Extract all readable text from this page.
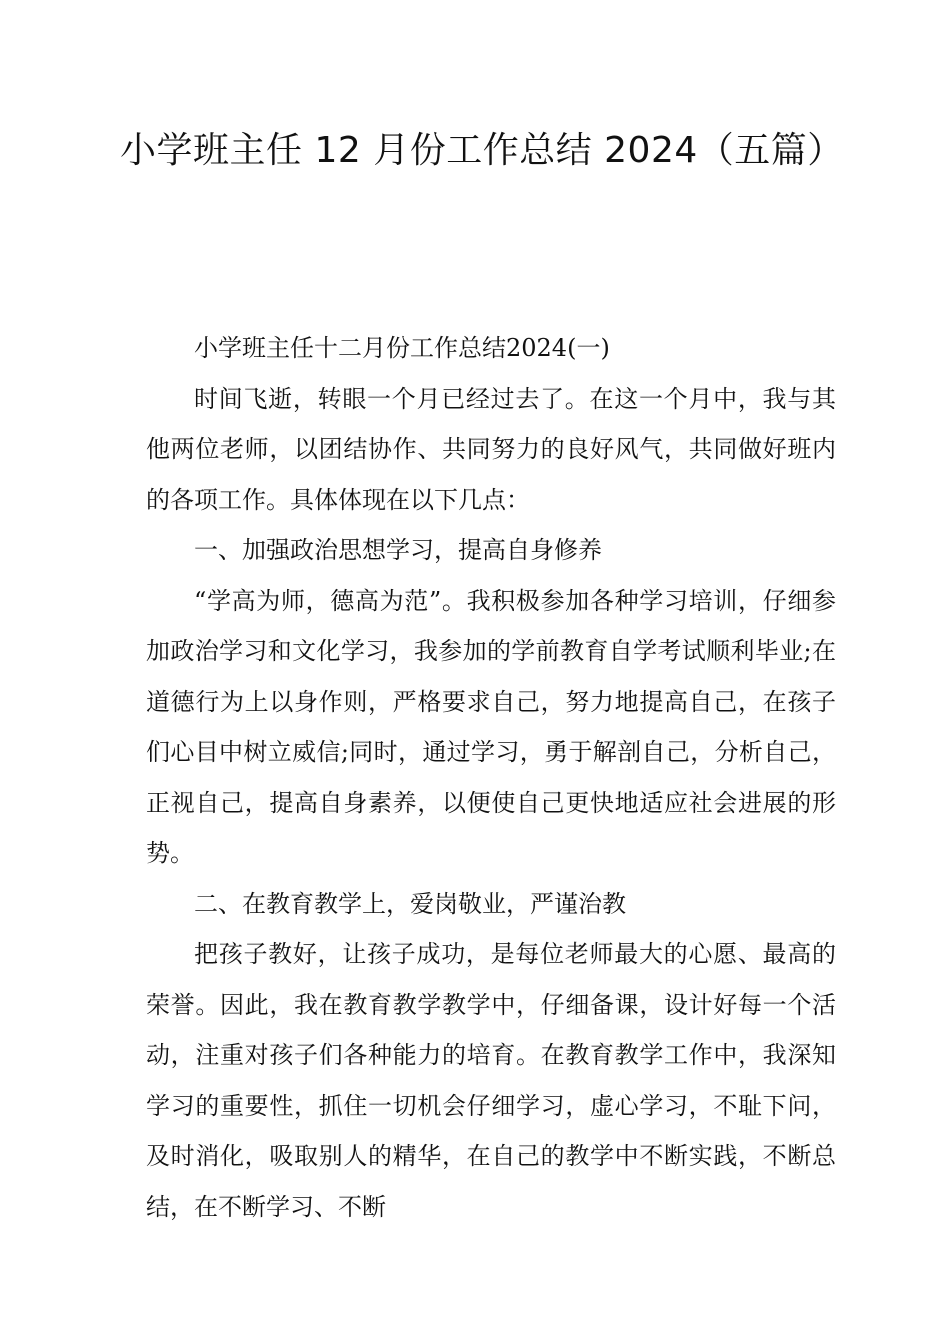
小学班主任 12 月份工作总结 2024（五篇）

小学班主任十二月份工作总结2024(一)

时间飞逝，转眼一个月已经过去了。在这一个月中，我与其他两位老师，以团结协作、共同努力的良好风气，共同做好班内的各项工作。具体体现在以下几点：

一、加强政治思想学习，提高自身修养

“学高为师，德高为范”。我积极参加各种学习培训，仔细参加政治学习和文化学习，我参加的学前教育自学考试顺利毕业;在道德行为上以身作则，严格要求自己，努力地提高自己，在孩子们心目中树立威信;同时，通过学习，勇于解剖自己，分析自己，正视自己，提高自身素养，以便使自己更快地适应社会进展的形势。

二、在教育教学上，爱岗敬业，严谨治教

把孩子教好，让孩子成功，是每位老师最大的心愿、最高的荣誉。因此，我在教育教学教学中，仔细备课，设计好每一个活动，注重对孩子们各种能力的培育。在教育教学工作中，我深知学习的重要性，抓住一切机会仔细学习，虚心学习，不耻下问，及时消化，吸取别人的精华，在自己的教学中不断实践，不断总结，在不断学习、不断
